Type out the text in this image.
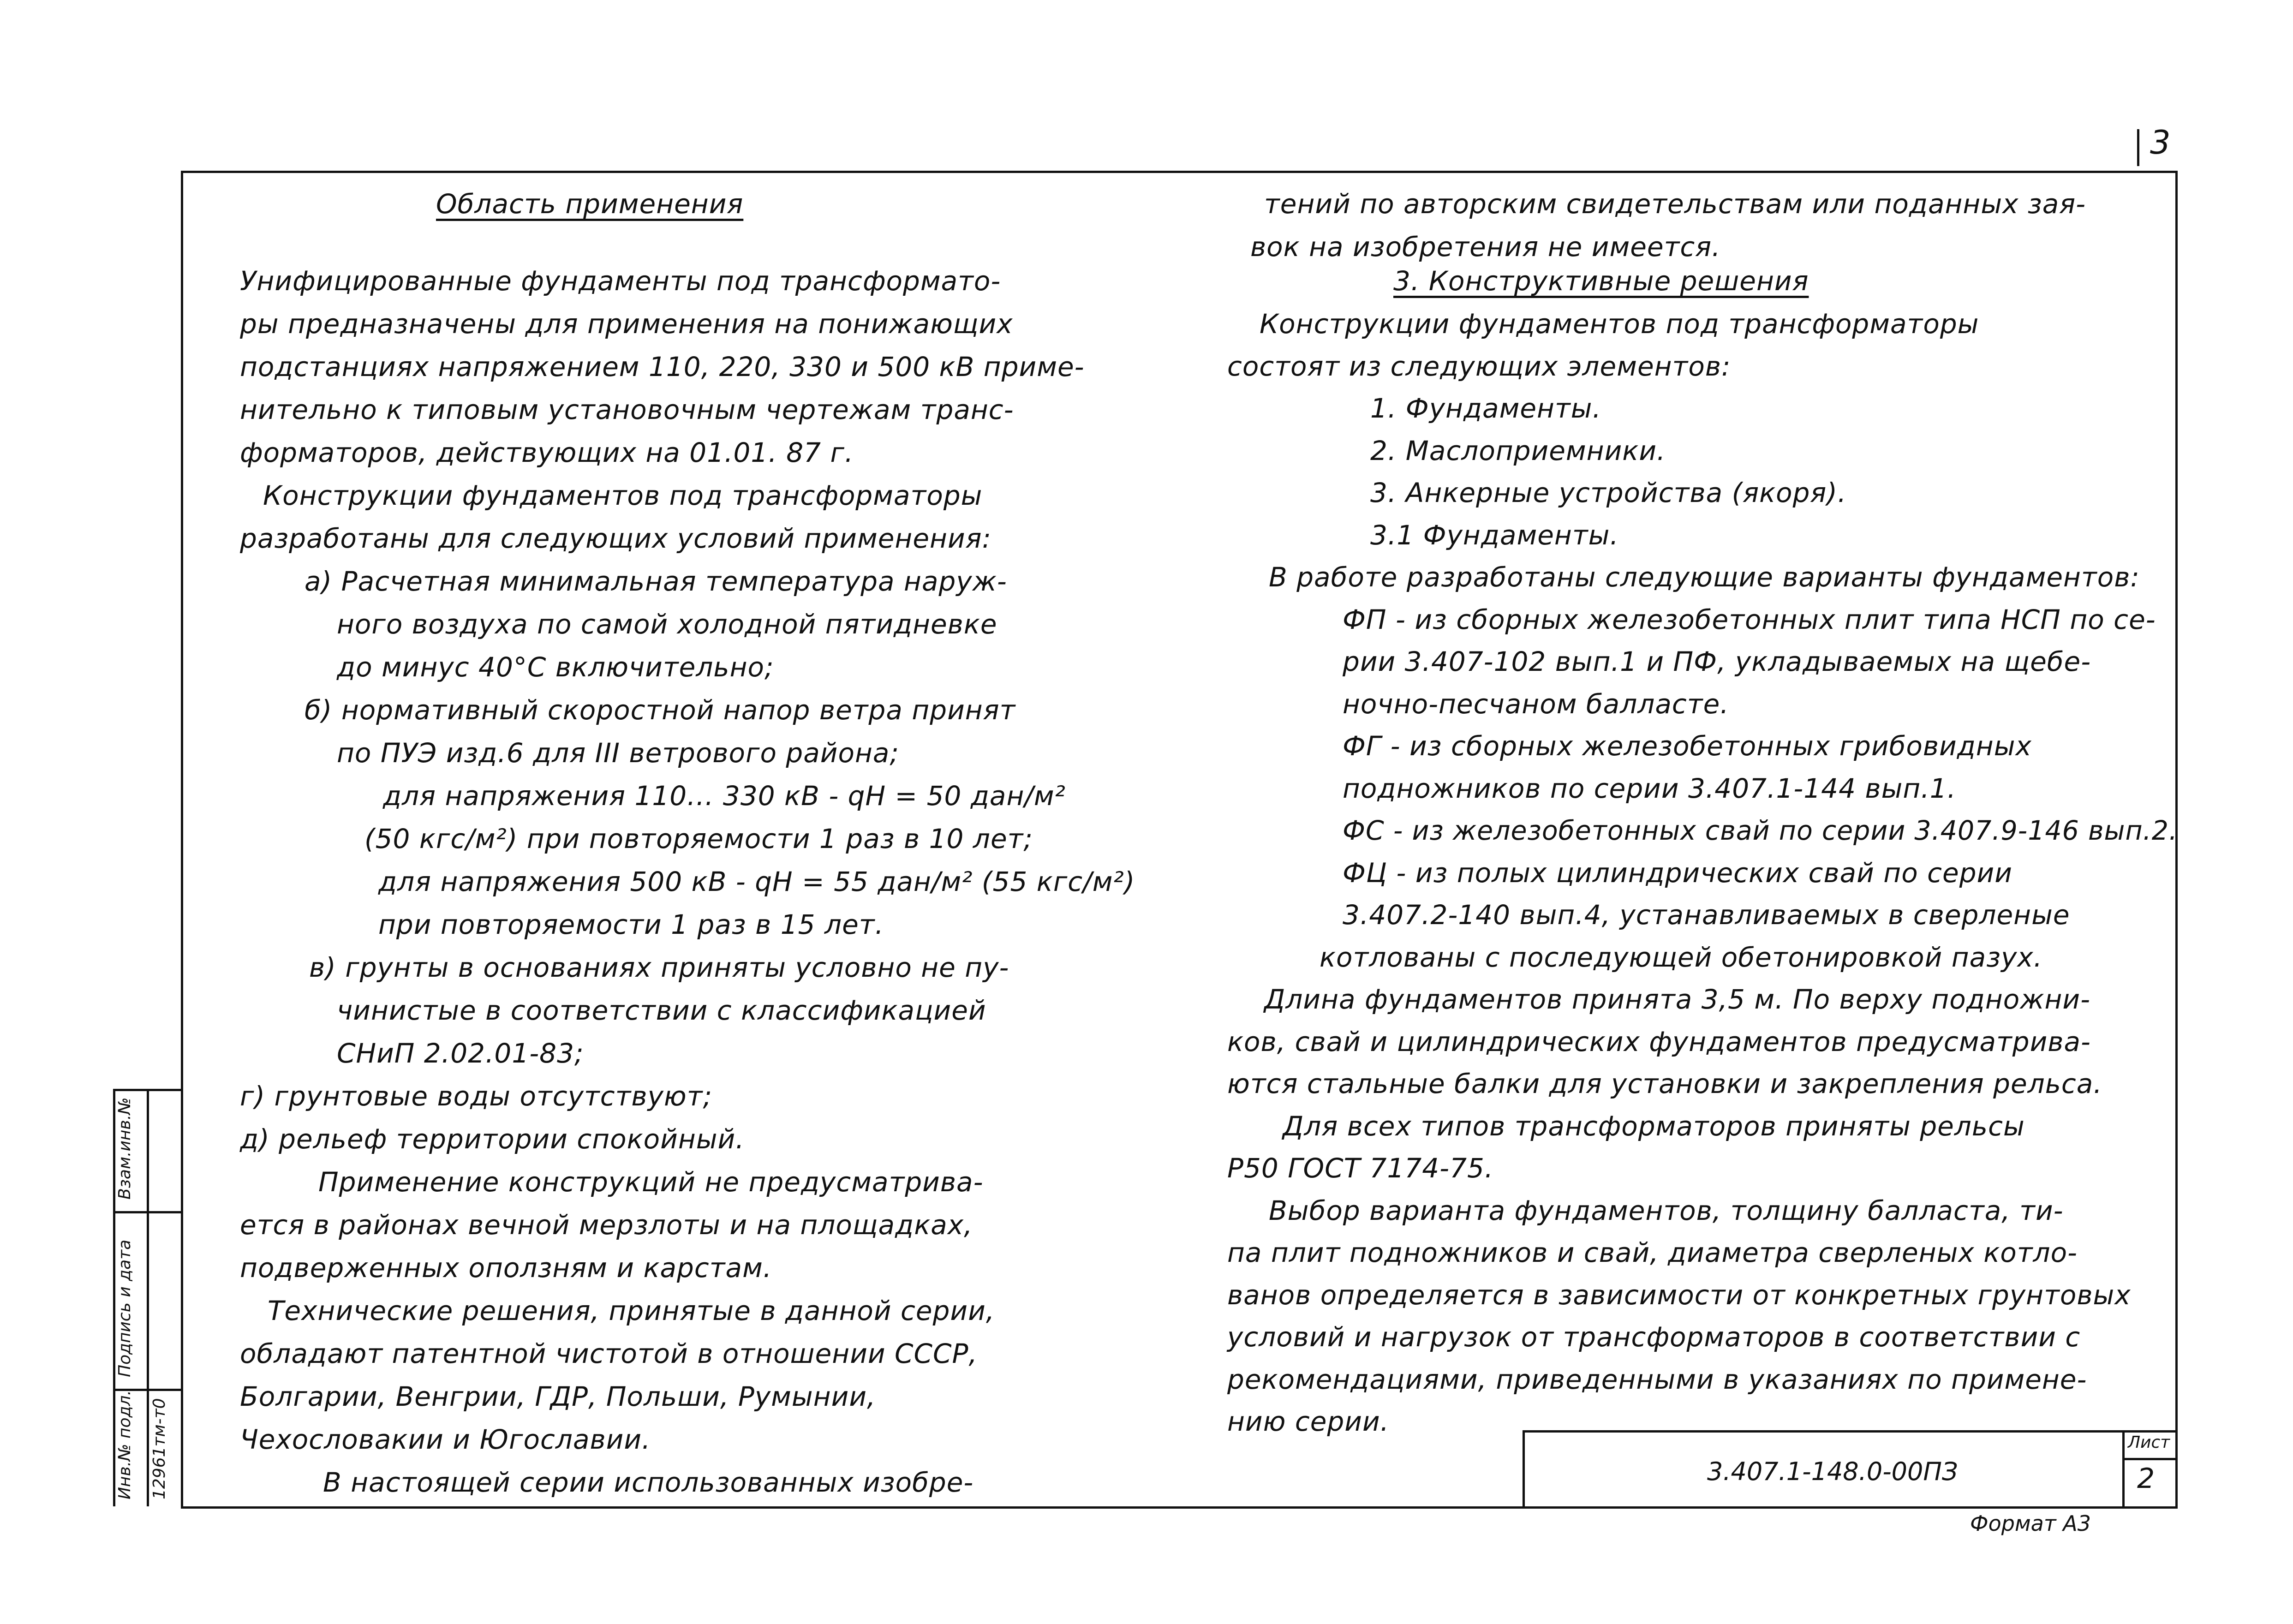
3
Взам.инв.№
Подпись и дата
Инв.№ подл. 12961тм-т0	3.407.1-148.0-00ПЗ
Лист
2
Формат А3
Область применения
Унифицированные фундаменты под трансформато-
ры предназначены для применения на понижающих
подстанциях напряжением 110, 220, 330 и 500 кВ приме-
нительно к типовым установочным чертежам транс-
форматоров, действующих на 01.01. 87 г.
Конструкции фундаментов под трансформаторы
разработаны для следующих условий применения:
а) Расчетная минимальная температура наруж-
ного воздуха по самой холодной пятидневке
до минус 40°С включительно;
б) нормативный скоростной напор ветра принят
по ПУЭ изд.6 для III ветрового района;
для напряжения 110... 330 кВ - qН = 50 дан/м²
(50 кгс/м²) при повторяемости 1 раз в 10 лет;
для напряжения 500 кВ - qН = 55 дан/м² (55 кгс/м²)
при повторяемости 1 раз в 15 лет.
в) грунты в основаниях приняты условно не пу-
чинистые в соответствии с классификацией
СНиП 2.02.01-83;
г) грунтовые воды отсутствуют;
д) рельеф территории спокойный.
Применение конструкций не предусматрива-
ется в районах вечной мерзлоты и на площадках,
подверженных оползням и карстам.
Технические решения, принятые в данной серии,
обладают патентной чистотой в отношении СССР,
Болгарии, Венгрии, ГДР, Польши, Румынии,
Чехословакии и Югославии.
В настоящей серии использованных изобре-
тений по авторским свидетельствам или поданных зая-
вок на изобретения не имеется.
3. Конструктивные решения
Конструкции фундаментов под трансформаторы
состоят из следующих элементов:
1. Фундаменты.
2. Маслоприемники.
3. Анкерные устройства (якоря).
3.1 Фундаменты.
В работе разработаны следующие варианты фундаментов:
ФП - из сборных железобетонных плит типа НСП по се-
рии 3.407-102 вып.1 и ПФ, укладываемых на щебе-
ночно-песчаном балласте.
ФГ - из сборных железобетонных грибовидных
подножников по серии 3.407.1-144 вып.1.
ФС - из железобетонных свай по серии 3.407.9-146 вып.2.
ФЦ - из полых цилиндрических свай по серии
3.407.2-140 вып.4, устанавливаемых в сверленые
котлованы с последующей обетонировкой пазух.
Длина фундаментов принята 3,5 м. По верху подножни-
ков, свай и цилиндрических фундаментов предусматрива-
ются стальные балки для установки и закрепления рельса.
Для всех типов трансформаторов приняты рельсы
Р50 ГОСТ 7174-75.
Выбор варианта фундаментов, толщину балласта, ти-
па плит подножников и свай, диаметра сверленых котло-
ванов определяется в зависимости от конкретных грунтовых
условий и нагрузок от трансформаторов в соответствии с
рекомендациями, приведенными в указаниях по примене-
нию серии.
